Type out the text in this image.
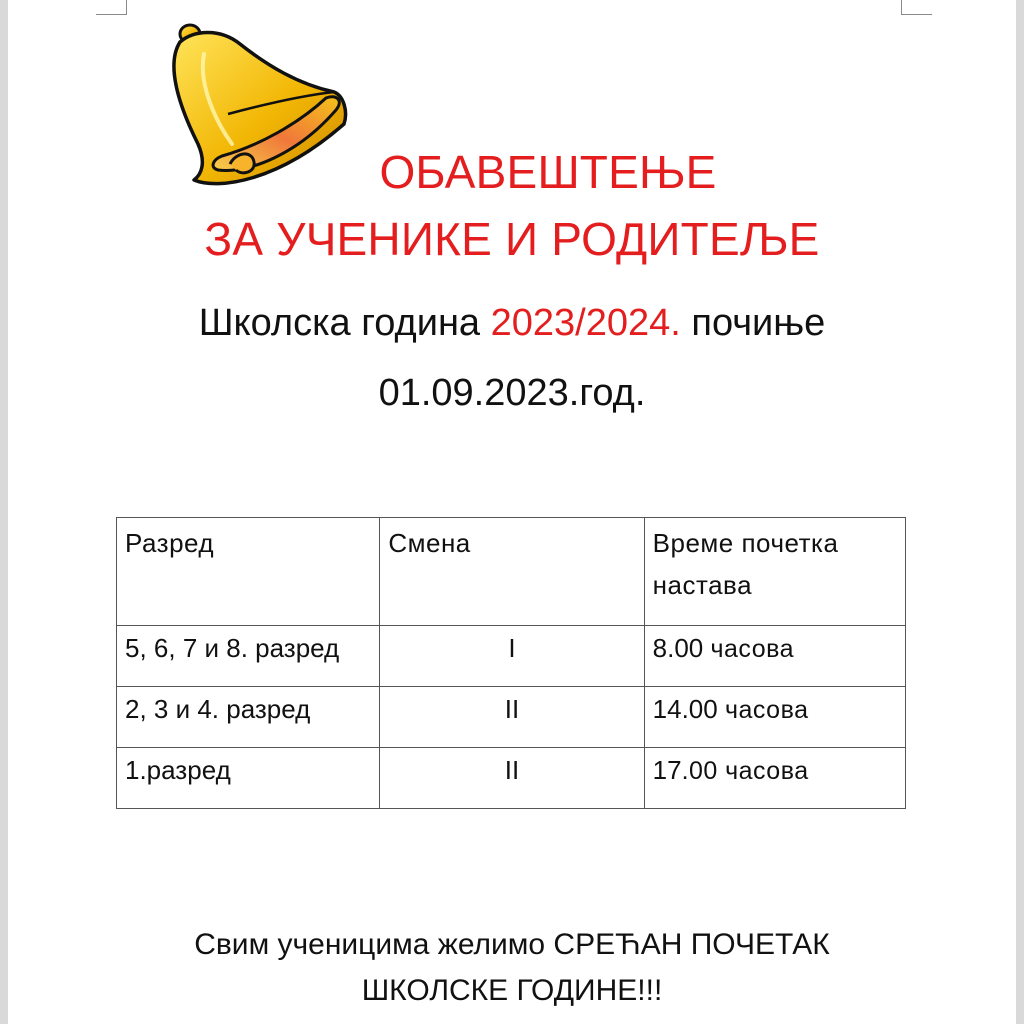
ОБАВЕШТЕЊЕ
ЗА УЧЕНИКЕ И РОДИТЕЉЕ
Школска година 2023/2024. почиње
01.09.2023.год.
Разред	Смена	Време почетка настава
5, 6, 7 и 8. разред	I	8.00 часова
2, 3 и 4. разред	II	14.00 часова
1.разред	II	17.00 часова
Свим ученицима желимо СРЕЋАН ПОЧЕТАК
ШКОЛСКЕ ГОДИНЕ!!!
